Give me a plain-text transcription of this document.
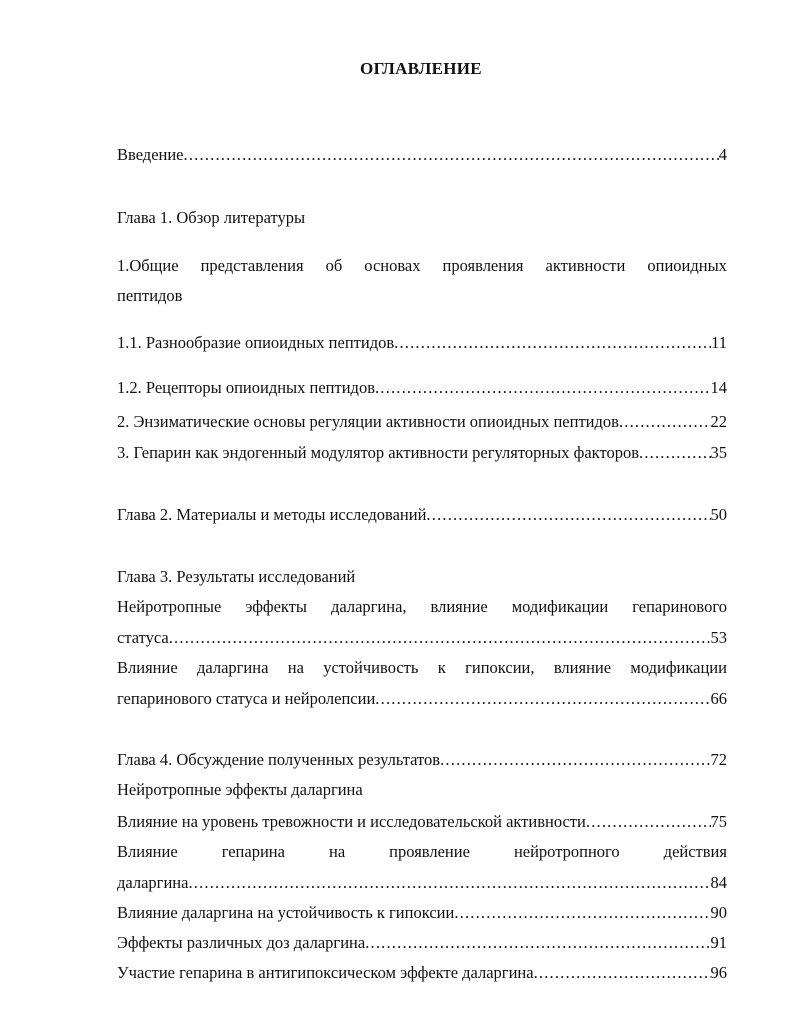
ОГЛАВЛЕНИЕ
Введение .....	4
Глава 1. Обзор литературы
1.Общие представления об основах проявления активности опиоидных
пептидов
1.1. Разнообразие опиоидных пептидов .....	11
1.2. Рецепторы опиоидных пептидов .....	14
2. Энзиматические основы регуляции активности опиоидных пептидов .....	22
3. Гепарин как эндогенный модулятор активности регуляторных факторов .....	35
Глава 2. Материалы и методы исследований .....	50
Глава 3. Результаты исследований
Нейротропные эффекты даларгина, влияние модификации гепаринового
статуса .....	53
Влияние даларгина на устойчивость к гипоксии, влияние модификации
гепаринового статуса и нейролепсии .....	66
Глава 4. Обсуждение полученных результатов .....	72
Нейротропные эффекты даларгина
Влияние на уровень тревожности и исследовательской активности .....	75
Влияние	гепарина	на	проявление	нейротропного	действия
даларгина .....	84
Влияние даларгина на устойчивость к гипоксии .....	90
Эффекты различных доз даларгина .....	91
Участие гепарина в антигипоксическом эффекте даларгина .....	96
